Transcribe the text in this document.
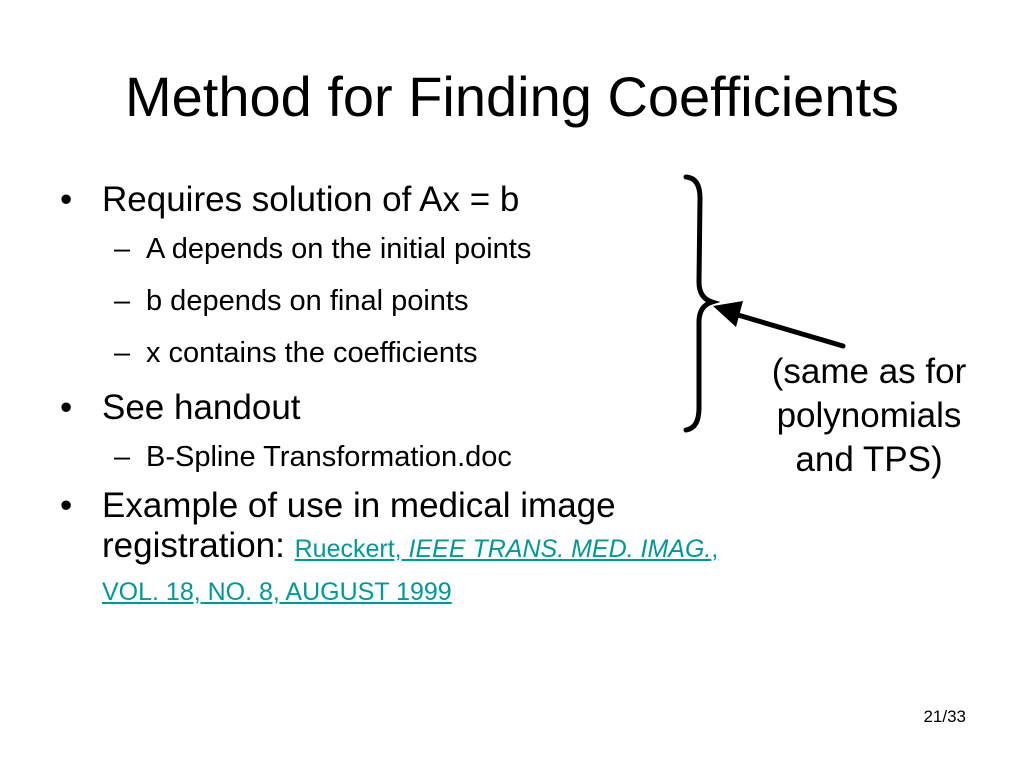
Method for Finding Coefficients
• Requires solution of Ax = b
– A depends on the initial points
– b depends on final points
– x contains the coefficients
• See handout
– B-Spline Transformation.doc
• Example of use in medical image
registration: Rueckert, IEEE TRANS. MED. IMAG.,
VOL. 18, NO. 8, AUGUST 1999
(same as for
polynomials
and TPS)
21/33
